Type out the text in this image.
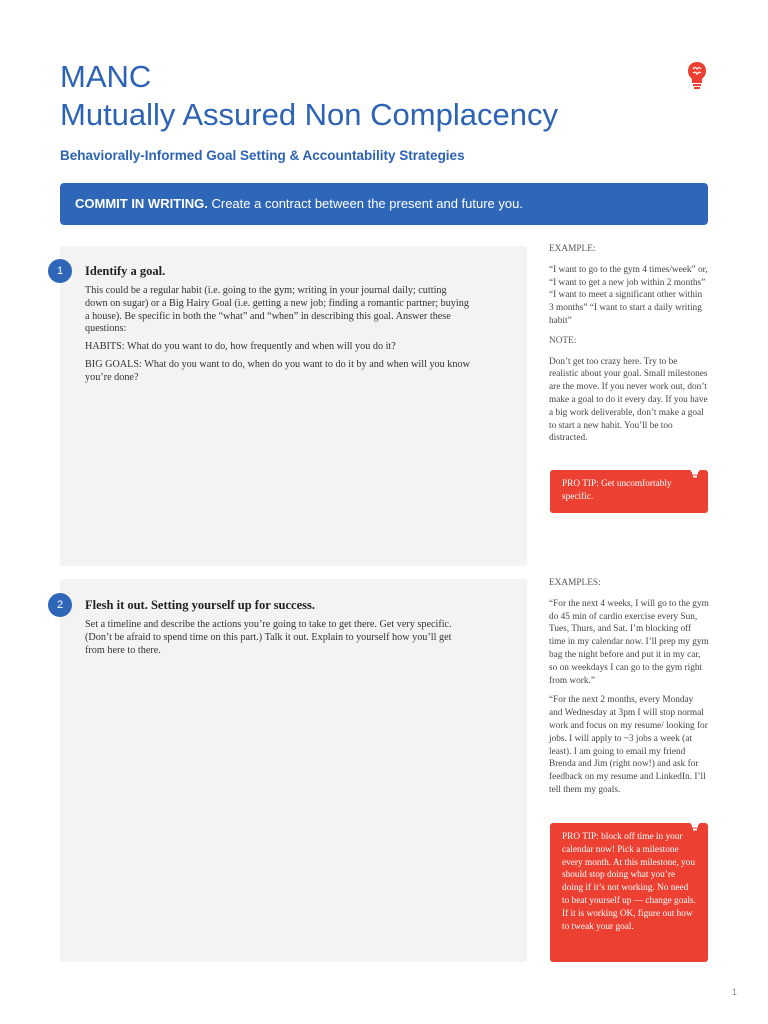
MANC
Mutually Assured Non Complacency
Behaviorally-Informed Goal Setting & Accountability Strategies
COMMIT IN WRITING. Create a contract between the present and future you.
1	Identify a goal.

This could be a regular habit (i.e. going to the gym; writing in your journal daily; cutting down on sugar) or a Big Hairy Goal (i.e. getting a new job; finding a romantic partner; buying a house). Be specific in both the “what” and “when” in describing this goal. Answer these questions:

HABITS: What do you want to do, how frequently and when will you do it?

BIG GOALS: What do you want to do, when do you want to do it by and when will you know you’re done?

2	Flesh it out. Setting yourself up for success.

Set a timeline and describe the actions you’re going to take to get there. Get very specific. (Don’t be afraid to spend time on this part.) Talk it out. Explain to yourself how you’ll get from here to there.

EXAMPLE:

“I want to go to the gym 4 times/week” or, “I want to get a new job within 2 months” “I want to meet a significant other within 3 months” “I want to start a daily writing habit”

NOTE:

Don’t get too crazy here. Try to be realistic about your goal. Small milestones are the move. If you never work out, don’t make a goal to do it every day. If you have a big work deliverable, don’t make a goal to start a new habit. You’ll be too distracted.

PRO TIP: Get uncomfortably specific.
EXAMPLES:

“For the next 4 weeks, I will go to the gym do 45 min of cardio exercise every Sun, Tues, Thurs, and Sat. I’m blocking off time in my calendar now. I’ll prep my gym bag the night before and put it in my car, so on weekdays I can go to the gym right from work.”

“For the next 2 months, every Monday and Wednesday at 3pm I will stop normal work and focus on my resume/ looking for jobs. I will apply to ~3 jobs a week (at least). I am going to email my friend Brenda and Jim (right now!) and ask for feedback on my resume and LinkedIn. I’ll tell them my goals.

PRO TIP: block off time in your calendar now! Pick a milestone every month. At this milestone, you should stop doing what you’re doing if it’s not working. No need to beat yourself up — change goals. If it is working OK, figure out how to tweak your goal.
1
